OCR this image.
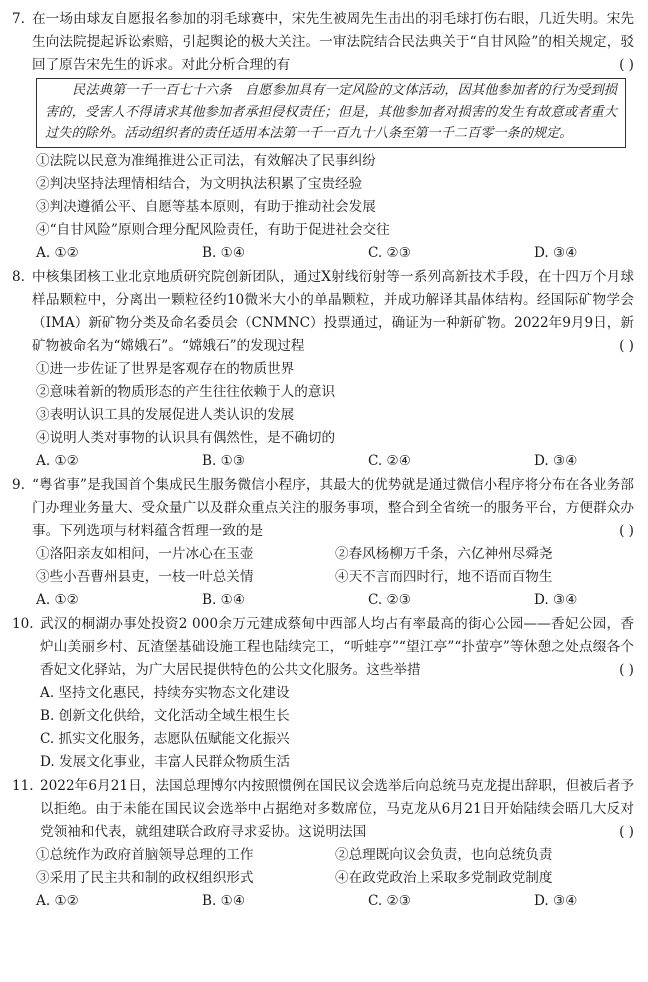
7. 在一场由球友自愿报名参加的羽毛球赛中，宋先生被周先生击出的羽毛球打伤右眼，几近失明。宋先生向法院提起诉讼索赔，引起舆论的极大关注。一审法院结合民法典关于“自甘风险”的相关规定，驳回了原告宋先生的诉求。对此分析合理的有	( )
民法典第一千一百七十六条　自愿参加具有一定风险的文体活动，因其他参加者的行为受到损害的，受害人不得请求其他参加者承担侵权责任；但是，其他参加者对损害的发生有故意或者重大过失的除外。活动组织者的责任适用本法第一千一百九十八条至第一千二百零一条的规定。
①法院以民意为准绳推进公正司法，有效解决了民事纠纷
②判决坚持法理情相结合，为文明执法积累了宝贵经验
③判决遵循公平、自愿等基本原则，有助于推动社会发展
④“自甘风险”原则合理分配风险责任，有助于促进社会交往
A. ①②	B. ①④	C. ②③	D. ③④
8. 中核集团核工业北京地质研究院创新团队，通过X射线衍射等一系列高新技术手段，在十四万个月球样品颗粒中，分离出一颗粒径约10微米大小的单晶颗粒，并成功解译其晶体结构。经国际矿物学会（IMA）新矿物分类及命名委员会（CNMNC）投票通过，确证为一种新矿物。2022年9月9日，新矿物被命名为“嫦娥石”。“嫦娥石”的发现过程	( )
①进一步佐证了世界是客观存在的物质世界
②意味着新的物质形态的产生往往依赖于人的意识
③表明认识工具的发展促进人类认识的发展
④说明人类对事物的认识具有偶然性，是不确切的
A. ①②	B. ①③	C. ②④	D. ③④
9. “粤省事”是我国首个集成民生服务微信小程序，其最大的优势就是通过微信小程序将分布在各业务部门办理业务量大、受众量广以及群众重点关注的服务事项，整合到全省统一的服务平台，方便群众办事。下列选项与材料蕴含哲理一致的是	( )
①洛阳亲友如相问，一片冰心在玉壶	②春风杨柳万千条，六亿神州尽舜尧
③些小吾曹州县吏，一枝一叶总关情	④天不言而四时行，地不语而百物生
A. ①②	B. ①④	C. ②③	D. ③④
10. 武汉的桐湖办事处投资2 000余万元建成蔡甸中西部人均占有率最高的街心公园——香妃公园，香炉山美丽乡村、瓦渣堡基础设施工程也陆续完工，“听蛙亭”“望江亭”“扑萤亭”等休憩之处点缀各个香妃文化驿站，为广大居民提供特色的公共文化服务。这些举措	( )
A. 坚持文化惠民，持续夯实物态文化建设
B. 创新文化供给，文化活动全域生根生长
C. 抓实文化服务，志愿队伍赋能文化振兴
D. 发展文化事业，丰富人民群众物质生活
11. 2022年6月21日，法国总理博尔内按照惯例在国民议会选举后向总统马克龙提出辞职，但被后者予以拒绝。由于未能在国民议会选举中占据绝对多数席位，马克龙从6月21日开始陆续会晤几大反对党领袖和代表，就组建联合政府寻求妥协。这说明法国	( )
①总统作为政府首脑领导总理的工作	②总理既向议会负责，也向总统负责
③采用了民主共和制的政权组织形式	④在政党政治上采取多党制政党制度
A. ①②	B. ①④	C. ②③	D. ③④
